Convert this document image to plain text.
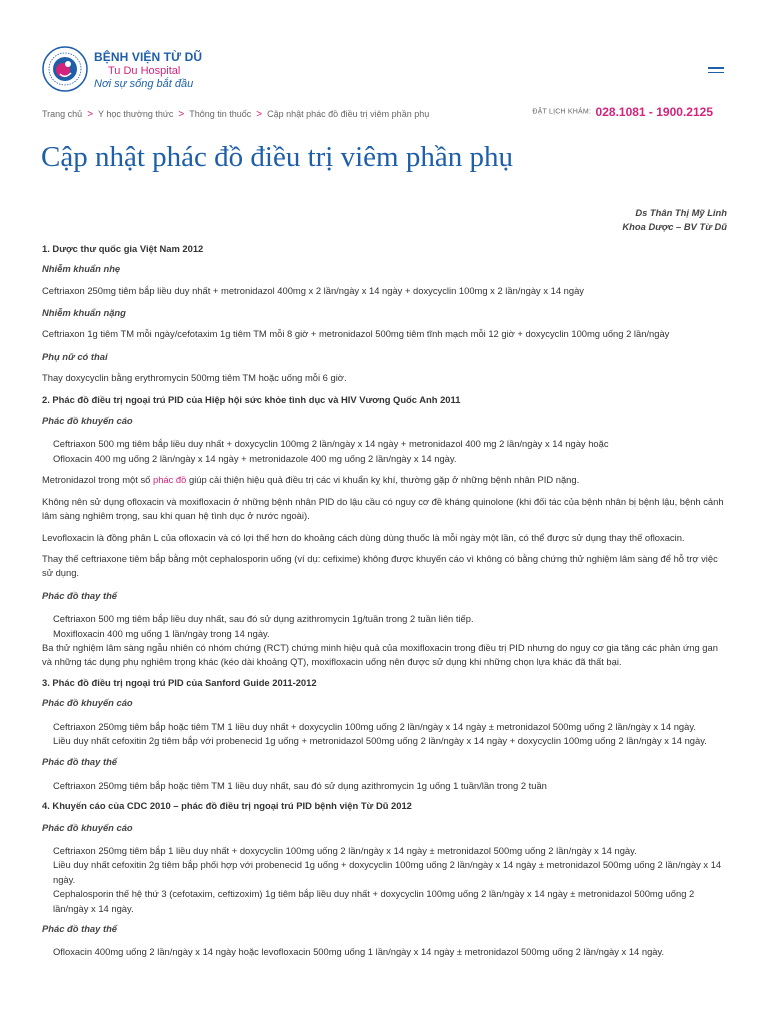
BỆNH VIỆN TỪ DŨ
Tu Du Hospital
Nơi sự sống bắt đầu
Trang chủ > Y học thường thức > Thông tin thuốc > Cập nhật phác đồ điều trị viêm phần phụ	ĐẶT LỊCH KHÁM: 028.1081 - 1900.2125
Cập nhật phác đồ điều trị viêm phần phụ

Ds Thân Thị Mỹ Linh

Khoa Dược – BV Từ Dũ

1. Dược thư quốc gia Việt Nam 2012

Nhiễm khuẩn nhẹ

Ceftriaxon 250mg tiêm bắp liều duy nhất + metronidazol 400mg x 2 lần/ngày x 14 ngày + doxycyclin 100mg x 2 lần/ngày x 14 ngày

Nhiễm khuẩn nặng

Ceftriaxon 1g tiêm TM mỗi ngày/cefotaxim 1g tiêm TM mỗi 8 giờ + metronidazol 500mg tiêm tĩnh mạch mỗi 12 giờ + doxycyclin 100mg uống 2 lần/ngày

Phụ nữ có thai

Thay doxycyclin bằng erythromycin 500mg tiêm TM hoặc uống mỗi 6 giờ.

2. Phác đồ điều trị ngoại trú PID của Hiệp hội sức khỏe tình dục và HIV Vương Quốc Anh 2011

Phác đồ khuyến cáo

Ceftriaxon 500 mg tiêm bắp liều duy nhất + doxycyclin 100mg 2 lần/ngày x 14 ngày + metronidazol 400 mg 2 lần/ngày x 14 ngày hoặc

Ofloxacin 400 mg uống 2 lần/ngày x 14 ngày + metronidazole 400 mg uống 2 lần/ngày x 14 ngày.

Metronidazol trong một số phác đồ giúp cải thiện hiệu quả điều trị các vi khuẩn kỵ khí, thường gặp ở những bệnh nhân PID nặng.

Không nên sử dụng ofloxacin và moxifloxacin ở những bệnh nhân PID do lậu cầu có nguy cơ đề kháng quinolone (khi đối tác của bệnh nhân bị bệnh lậu, bệnh cảnh lâm sàng nghiêm trọng, sau khi quan hệ tình dục ở nước ngoài).

Levofloxacin là đồng phân L của ofloxacin và có lợi thế hơn do khoảng cách dùng dùng thuốc là mỗi ngày một lần, có thể được sử dụng thay thế ofloxacin.

Thay thế ceftriaxone tiêm bắp bằng một cephalosporin uống (ví dụ: cefixime) không được khuyến cáo vì không có bằng chứng thử nghiệm lâm sàng để hỗ trợ việc sử dụng.

Phác đồ thay thế

Ceftriaxon 500 mg tiêm bắp liều duy nhất, sau đó sử dụng azithromycin 1g/tuần trong 2 tuần liên tiếp.

Moxifloxacin 400 mg uống 1 lần/ngày trong 14 ngày.

Ba thử nghiệm lâm sàng ngẫu nhiên có nhóm chứng (RCT) chứng minh hiệu quả của moxifloxacin trong điều trị PID nhưng do nguy cơ gia tăng các phản ứng gan và những tác dụng phụ nghiêm trọng khác (kéo dài khoảng QT), moxifloxacin uống nên được sử dụng khi những chọn lựa khác đã thất bại.

3. Phác đồ điều trị ngoại trú PID của Sanford Guide 2011-2012

Phác đồ khuyến cáo

Ceftriaxon 250mg tiêm bắp hoặc tiêm TM 1 liều duy nhất + doxycyclin 100mg uống 2 lần/ngày x 14 ngày ± metronidazol 500mg uống 2 lần/ngày x 14 ngày.

Liều duy nhất cefoxitin 2g tiêm bắp với probenecid 1g uống + metronidazol 500mg uống 2 lần/ngày x 14 ngày + doxycyclin 100mg uống 2 lần/ngày x 14 ngày.

Phác đồ thay thế

Ceftriaxon 250mg tiêm bắp hoặc tiêm TM 1 liều duy nhất, sau đó sử dụng azithromycin 1g uống 1 tuần/lần trong 2 tuần

4. Khuyến cáo của CDC 2010 – phác đồ điều trị ngoại trú PID bệnh viện Từ Dũ 2012

Phác đồ khuyến cáo

Ceftriaxon 250mg tiêm bắp 1 liều duy nhất + doxycyclin 100mg uống 2 lần/ngày x 14 ngày ± metronidazol 500mg uống 2 lần/ngày x 14 ngày.

Liều duy nhất cefoxitin 2g tiêm bắp phối hợp với probenecid 1g uống + doxycyclin 100mg uống 2 lần/ngày x 14 ngày ± metronidazol 500mg uống 2 lần/ngày x 14 ngày.

Cephalosporin thế hệ thứ 3 (cefotaxim, ceftizoxim) 1g tiêm bắp liều duy nhất + doxycyclin 100mg uống 2 lần/ngày x 14 ngày ± metronidazol 500mg uống 2 lần/ngày x 14 ngày.

Phác đồ thay thế

Ofloxacin 400mg uống 2 lần/ngày x 14 ngày hoặc levofloxacin 500mg uống 1 lần/ngày x 14 ngày ± metronidazol 500mg uống 2 lần/ngày x 14 ngày.
